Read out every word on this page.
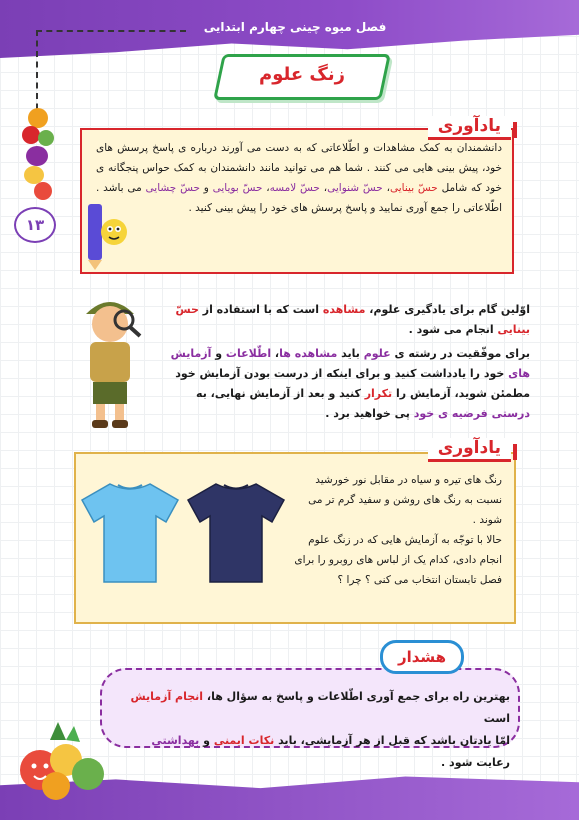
فصل میوه چینی چهارم ابتدایی
۱۳
زنگ علوم
یادآوری
دانشمندان به کمک مشاهدات و اطّلاعاتی که به دست می آورند درباره ی پاسخ پرسش های خود، پیش بینی هایی می کنند . شما هم می توانید مانند دانشمندان به کمک حواس پنجگانه ی خود که شامل حسّ بینایی، حسّ شنوایی، حسّ لامسه، حسّ بویایی و حسّ چشایی می باشد . اطّلاعاتی را جمع آوری نمایید و پاسخ پرسش های خود را پیش بینی کنید .

اوّلین گام برای یادگیری علوم، مشاهده است که با استفاده از حسّ بینایی انجام می شود .

برای موفّقیت در رشته ی علوم باید مشاهده ها، اطّلاعات و آزمایش های خود را یادداشت کنید و برای اینکه از درست بودن آزمایش خود مطمئن شوید، آزمایش را تکرار کنید و بعد از آزمایش نهایی، به درستی فرضیه ی خود پی خواهید برد .

یادآوری
رنگ های تیره و سیاه در مقابل نور خورشید نسبت به رنگ های روشن و سفید گرم تر می شوند .
حالا با توجّه به آزمایش هایی که در زنگ علوم انجام دادی، کدام یک از لباس های روبرو را برای فصل تابستان انتخاب می کنی ؟ چرا ؟
هشدار
بهترین راه برای جمع آوری اطّلاعات و پاسخ به سؤال ها، انجام آزمایش است
امّا یادتان باشد که قبل از هر آزمایشی، باید نکات ایمنی و بهداشتی رعایت شود .
